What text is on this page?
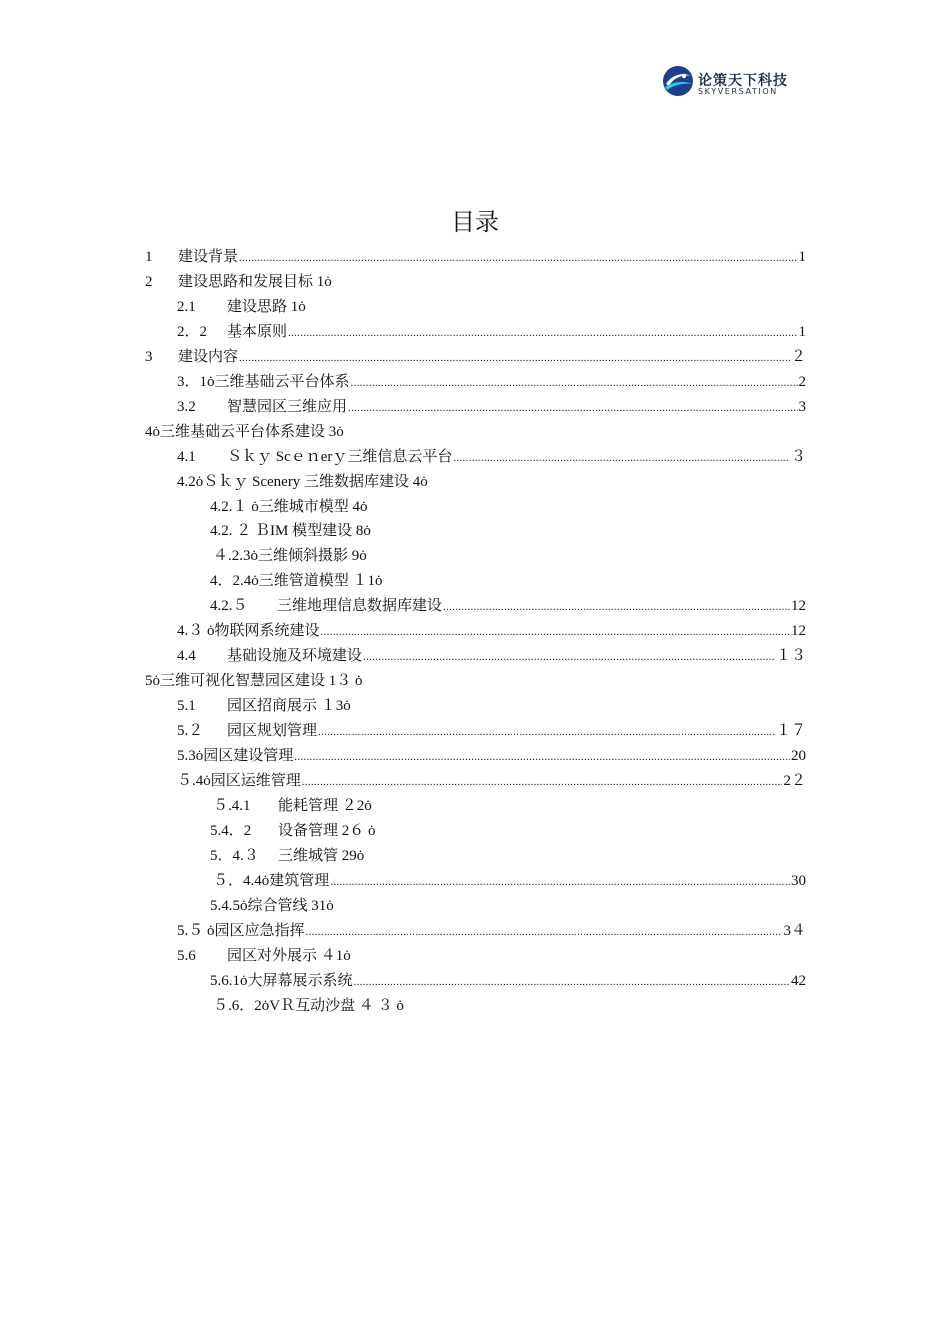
论策天下科技
SKYVERSATION
目录
1	建设背景 .....	1
2	建设思路和发展目标 1ȯ
2.1	建设思路 1ȯ
2．2	基本原则 .....	1
3	建设内容 .....	２
3．1ȯ三维基础云平台体系 .....	2
3.2	智慧园区三维应用 .....	3
4ȯ三维基础云平台体系建设 3ȯ
4.1	Ｓｋｙ Scｅｎerｙ三维信息云平台 .....	３
4.2ȯＳｋｙ Scenery 三维数据库建设 4ȯ
4.2.１ ȯ三维城市模型 4ȯ
4.2. ２ ＢIM 模型建设 8ȯ
４.2.3ȯ三维倾斜摄影 9ȯ
4．2.4ȯ三维管道模型 １1ȯ
4.2.５	三维地理信息数据库建设 .....	12
4.３ ȯ物联网系统建设 .....	12
4.4	基础设施及环境建设 .....	１３
5ȯ三维可视化智慧园区建设 1３ ȯ
5.1	园区招商展示 １3ȯ
5.２	园区规划管理 .....	１７
5.3ȯ园区建设管理 .....	20
５.4ȯ园区运维管理 .....	2２
５.4.1	能耗管理 ２2ȯ
5.4．2	设备管理 2６ ȯ
5．4.３	三维城管 29ȯ
５．4.4ȯ建筑管理 .....	30
5.4.5ȯ综合管线 31ȯ
5.５ ȯ园区应急指挥 .....	3４
5.6	园区对外展示 ４1ȯ
5.6.1ȯ大屏幕展示系统 .....	42
５.6．2ȯVＲ互动沙盘 ４ ３ ȯ
